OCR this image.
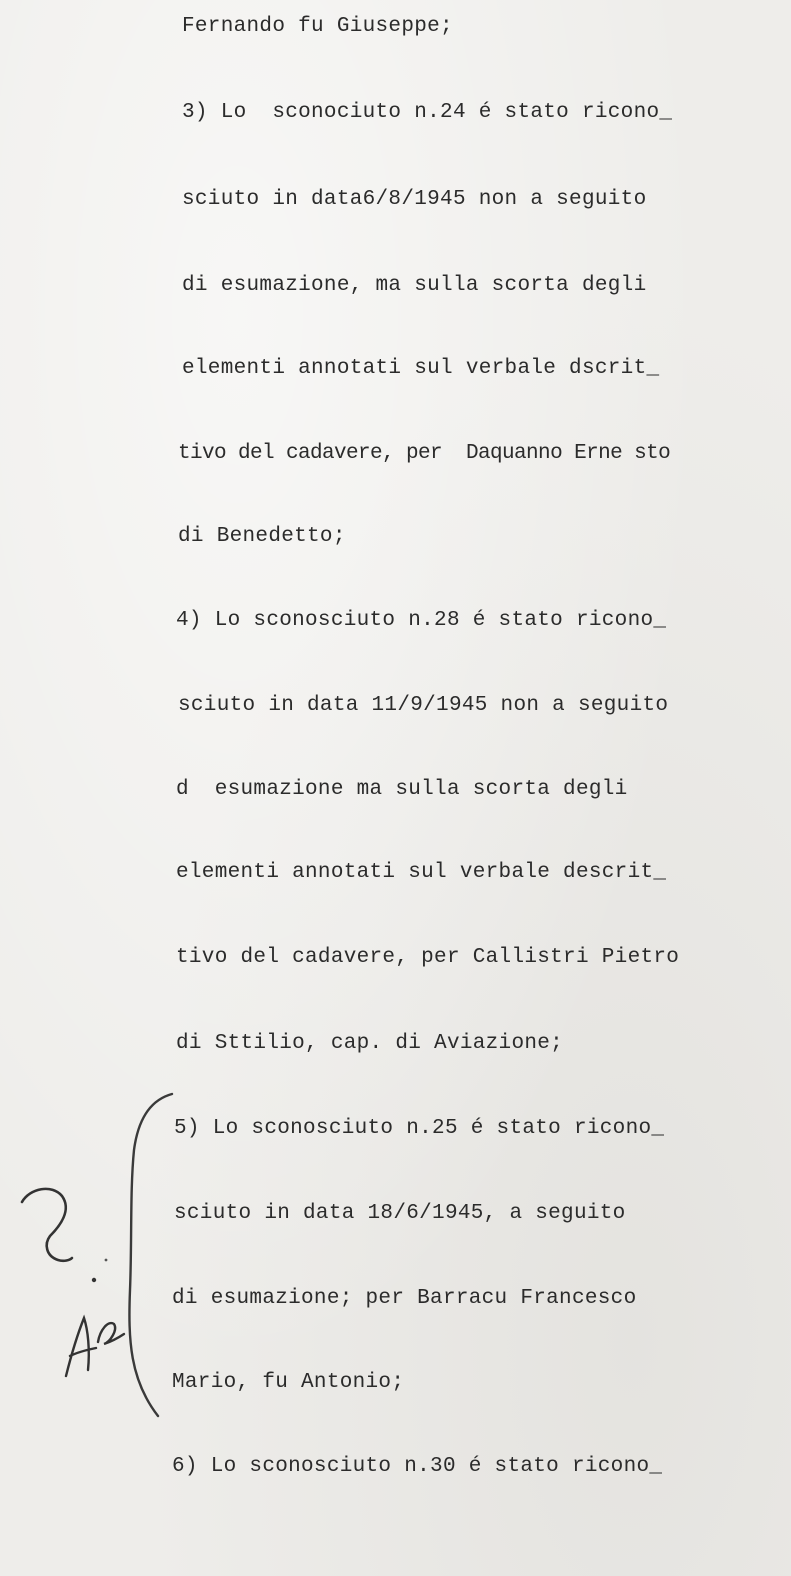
Fernando fu Giuseppe;

3) Lo  sconociuto n.24 é stato ricono_

sciuto in data6/8/1945 non a seguito

di esumazione, ma sulla scorta degli

elementi annotati sul verbale dscrit_

tivo del cadavere, per  Daquanno Erne sto

di Benedetto;

4) Lo sconosciuto n.28 é stato ricono_

sciuto in data 11/9/1945 non a seguito

d  esumazione ma sulla scorta degli

elementi annotati sul verbale descrit_

tivo del cadavere, per Callistri Pietro

di Sttilio, cap. di Aviazione;

5) Lo sconosciuto n.25 é stato ricono_

sciuto in data 18/6/1945, a seguito

di esumazione; per Barracu Francesco

Mario, fu Antonio;

6) Lo sconosciuto n.30 é stato ricono_
